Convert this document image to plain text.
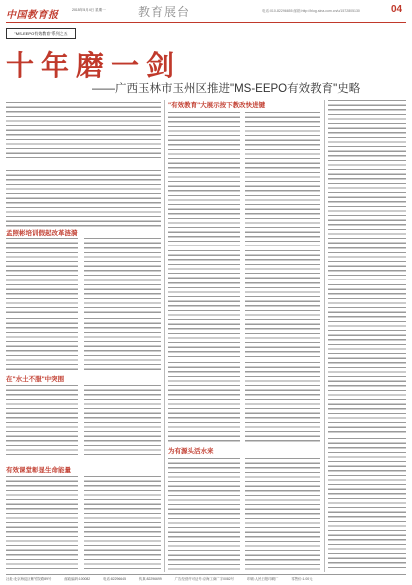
中国教育报	2015年5月4日 星期一	教育展台	电话:010-82296655 邮箱:http://blog.sina.com.cn/u/1572805130	04
"MS-EEPO有效教育"系列之五
十年磨一剑
——广西玉林市玉州区推进"MS-EEPO有效教育"史略
孟照彬培训假起改革涟漪
在"水土不服"中突围
有效课堂彰显生命能量
"有效教育"大展示按下教改快进键
为有源头活水来
社址:北京海淀区紫竹院路89号	邮政编码:100082	电话:82296645	传真:82296699	广告经营许可证号:京海工商广字0082号	印刷:人民日报印刷厂	零售价:1.00元
